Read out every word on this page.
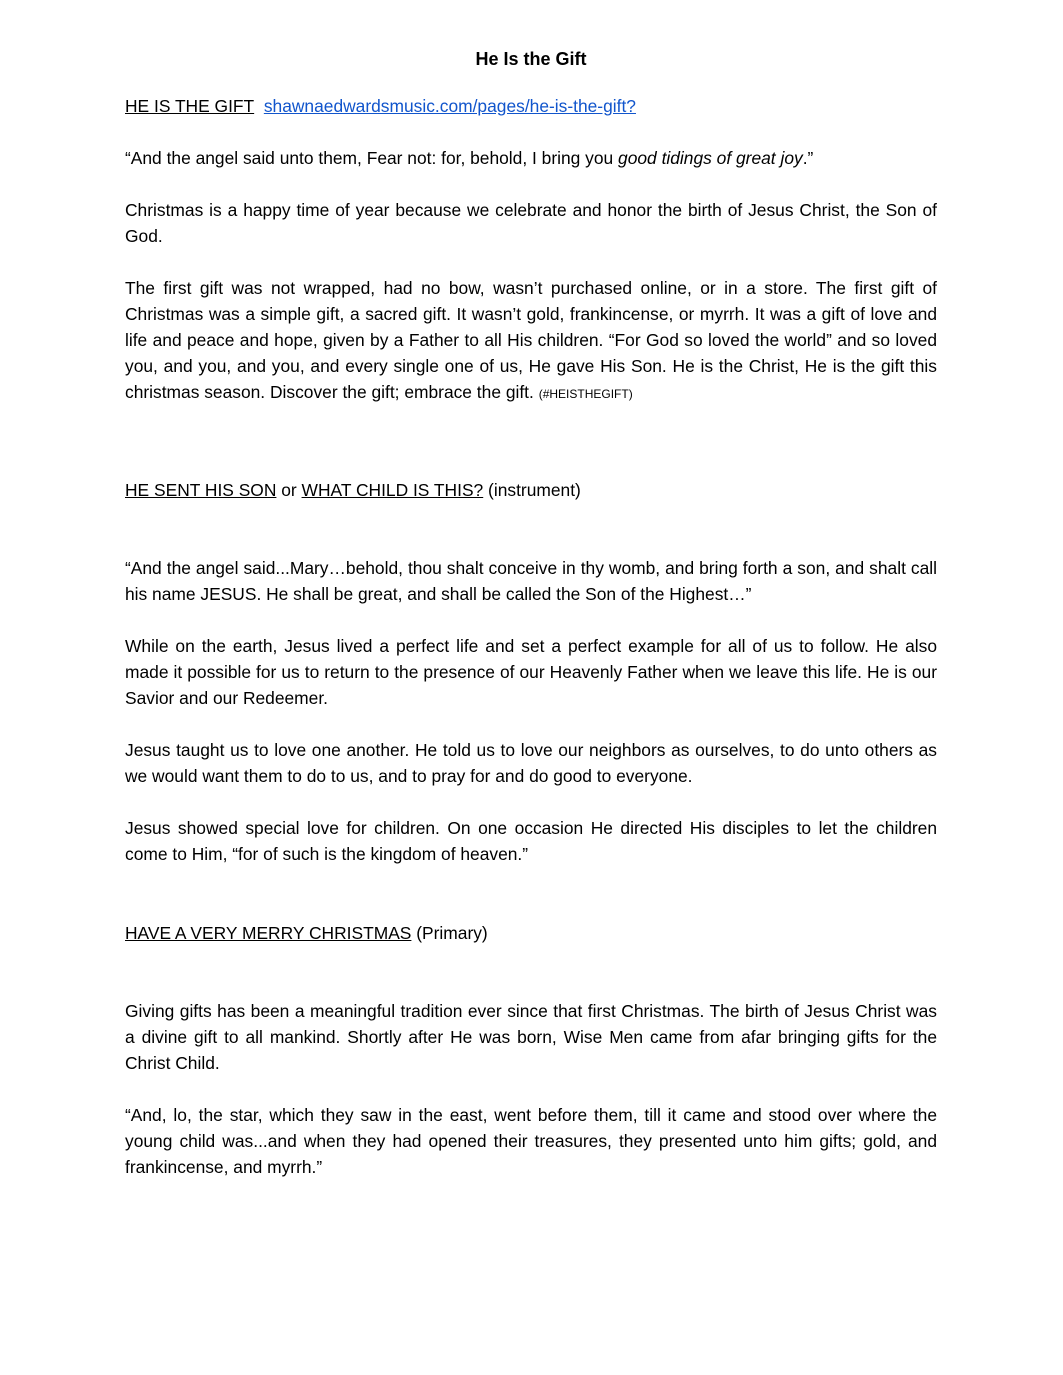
He Is the Gift
HE IS THE GIFT shawnaedwardsmusic.com/pages/he-is-the-gift?
“And the angel said unto them, Fear not: for, behold, I bring you good tidings of great joy.”
Christmas is a happy time of year because we celebrate and honor the birth of Jesus Christ, the Son of God.
The first gift was not wrapped, had no bow, wasn’t purchased online, or in a store. The first gift of Christmas was a simple gift, a sacred gift. It wasn’t gold, frankincense, or myrrh. It was a gift of love and life and peace and hope, given by a Father to all His children. “For God so loved the world” and so loved you, and you, and you, and every single one of us, He gave His Son. He is the Christ, He is the gift this christmas season. Discover the gift; embrace the gift. (#HEISTHEGIFT)
HE SENT HIS SON or WHAT CHILD IS THIS? (instrument)
“And the angel said...Mary…behold, thou shalt conceive in thy womb, and bring forth a son, and shalt call his name JESUS. He shall be great, and shall be called the Son of the Highest…”
While on the earth, Jesus lived a perfect life and set a perfect example for all of us to follow. He also made it possible for us to return to the presence of our Heavenly Father when we leave this life. He is our Savior and our Redeemer.
Jesus taught us to love one another. He told us to love our neighbors as ourselves, to do unto others as we would want them to do to us, and to pray for and do good to everyone.
Jesus showed special love for children. On one occasion He directed His disciples to let the children come to Him, “for of such is the kingdom of heaven.”
HAVE A VERY MERRY CHRISTMAS (Primary)
Giving gifts has been a meaningful tradition ever since that first Christmas. The birth of Jesus Christ was a divine gift to all mankind. Shortly after He was born, Wise Men came from afar bringing gifts for the Christ Child.
“And, lo, the star, which they saw in the east, went before them, till it came and stood over where the young child was...and when they had opened their treasures, they presented unto him gifts; gold, and frankincense, and myrrh.”
